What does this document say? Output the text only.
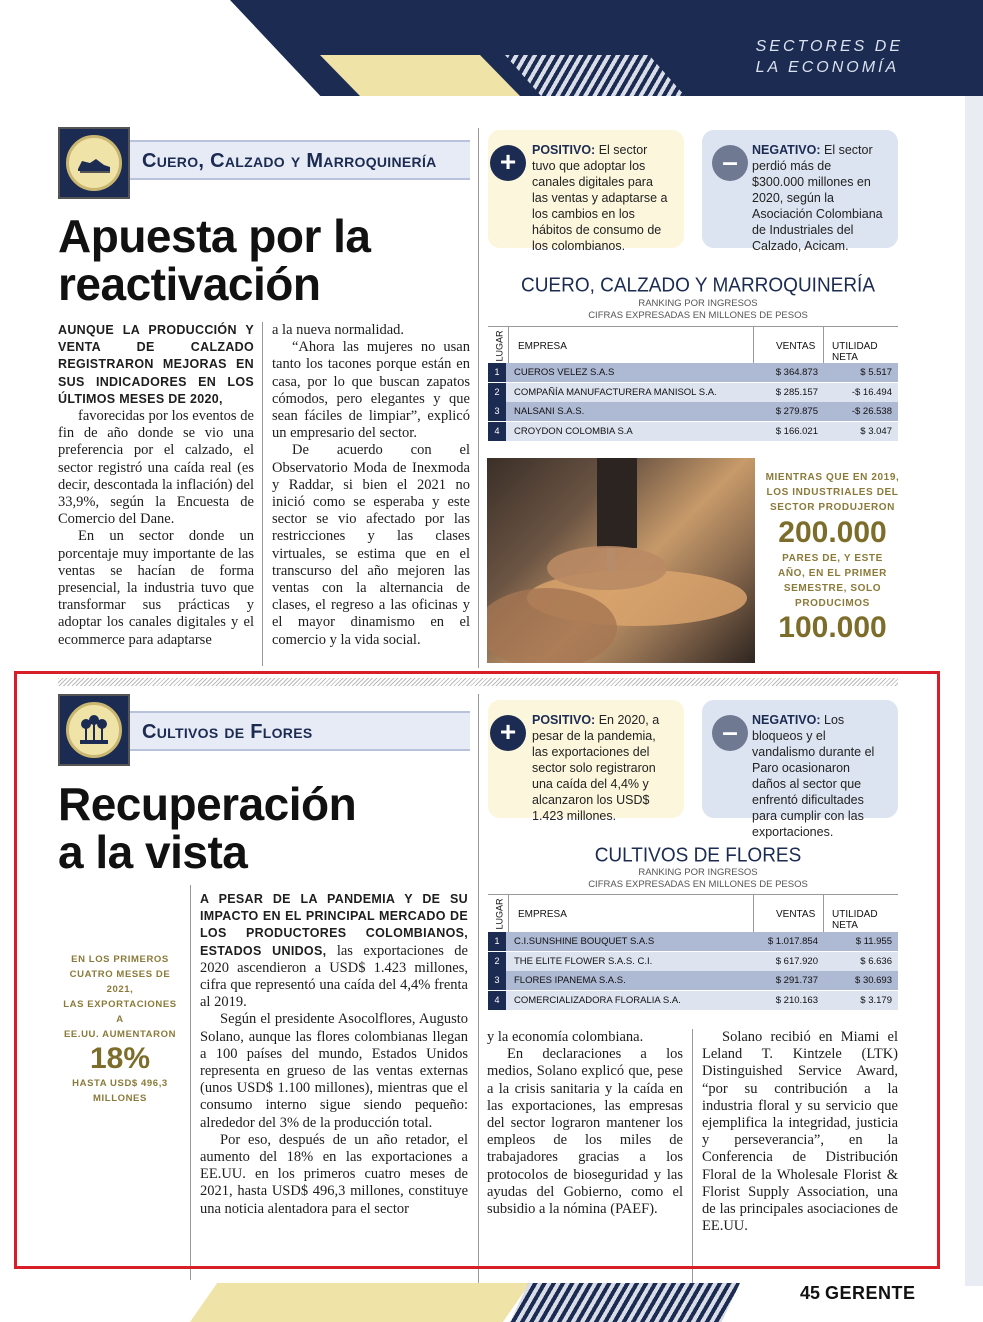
SECTORES DE
LA ECONOMÍA
Cuero, Calzado y Marroquinería
Apuesta por la
reactivación

AUNQUE LA PRODUCCIÓN Y VENTA DE CALZADO REGISTRARON MEJORAS EN SUS INDICADORES EN LOS ÚLTIMOS MESES DE 2020,

favorecidas por los eventos de fin de año donde se vio una preferencia por el calzado, el sector registró una caída real (es decir, descontada la inflación) del 33,9%, según la Encuesta de Comercio del Dane.

En un sector donde un porcentaje muy importante de las ventas se hacían de forma presencial, la industria tuvo que transformar sus prácticas y adoptar los canales digitales y el ecommerce para adaptarse

a la nueva normalidad.

“Ahora las mujeres no usan tanto los tacones porque están en casa, por lo que buscan zapatos cómodos, pero elegantes y que sean fáciles de limpiar”, explicó un empresario del sector.

De acuerdo con el Observatorio Moda de Inexmoda y Raddar, si bien el 2021 no inició como se esperaba y este sector se vio afectado por las restricciones y las clases virtuales, se estima que en el transcurso del año mejoren las ventas con la alternancia de clases, el regreso a las oficinas y el mayor dinamismo en el comercio y la vida social.

POSITIVO: El sector tuvo que adoptar los canales digitales para las ventas y adaptarse a los cambios en los hábitos de consumo de los colombianos.
+	NEGATIVO: El sector perdió más de $300.000 millones en 2020, según la Asociación Colombiana de Industriales del Calzado, Acicam.
–
CUERO, CALZADO Y MARROQUINERÍA
RANKING POR INGRESOS
CIFRAS EXPRESADAS EN MILLONES DE PESOS
LUGAR EMPRESA	VENTAS UTILIDAD NETA
1	CUEROS VELEZ S.A.S	$ 364.873	$ 5.517
2	COMPAÑÍA MANUFACTURERA MANISOL S.A.	$ 285.157	-$ 16.494
3	NALSANI S.A.S.	$ 279.875	-$ 26.538
4	CROYDON COLOMBIA S.A	$ 166.021	$ 3.047
MIENTRAS QUE EN 2019,
LOS INDUSTRIALES DEL
SECTOR PRODUJERON
200.000
PARES DE, Y ESTE
AÑO, EN EL PRIMER
SEMESTRE, SOLO
PRODUCIMOS
100.000
Cultivos de Flores
Recuperación
a la vista
EN LOS PRIMEROS
CUATRO MESES DE 2021,
LAS EXPORTACIONES A
EE.UU. AUMENTARON
18%
HASTA USD$ 496,3
MILLONES

A PESAR DE LA PANDEMIA Y DE SU IMPACTO EN EL PRINCIPAL MERCADO DE LOS PRODUCTORES COLOMBIANOS, ESTADOS UNIDOS, las exportaciones de 2020 ascendieron a USD$ 1.423 millones, cifra que representó una caída del 4,4% frenta al 2019.

Según el presidente Asocolflores, Augusto Solano, aunque las flores colombianas llegan a 100 países del mundo, Estados Unidos representa en grueso de las ventas externas (unos USD$ 1.100 millones), mientras que el consumo interno sigue siendo pequeño: alrededor del 3% de la producción total.

Por eso, después de un año retador, el aumento del 18% en las exportaciones a EE.UU. en los primeros cuatro meses de 2021, hasta USD$ 496,3 millones, constituye una noticia alentadora para el sector

y la economía colombiana.

En declaraciones a los medios, Solano explicó que, pese a la crisis sanitaria y la caída en las exportaciones, las empresas del sector lograron mantener los empleos de los miles de trabajadores gracias a los protocolos de bioseguridad y las ayudas del Gobierno, como el subsidio a la nómina (PAEF).

Solano recibió en Miami el Leland T. Kintzele (LTK) Distinguished Service Award, “por su contribución a la industria floral y su servicio que ejemplifica la integridad, justicia y perseverancia”, en la Conferencia de Distribución Floral de la Wholesale Florist & Florist Supply Association, una de las principales asociaciones de EE.UU.

POSITIVO: En 2020, a pesar de la pandemia, las exportaciones del sector solo registraron una caída del 4,4% y alcanzaron los USD$ 1.423 millones.
+	NEGATIVO: Los bloqueos y el vandalismo durante el Paro ocasionaron daños al sector que enfrentó dificultades para cumplir con las exportaciones.
–
CULTIVOS DE FLORES
RANKING POR INGRESOS
CIFRAS EXPRESADAS EN MILLONES DE PESOS
LUGAR EMPRESA	VENTAS UTILIDAD NETA
1	C.I.SUNSHINE BOUQUET S.A.S	$ 1.017.854	$ 11.955
2	THE ELITE FLOWER S.A.S. C.I.	$ 617.920	$ 6.636
3	FLORES IPANEMA S.A.S.	$ 291.737	$ 30.693
4	COMERCIALIZADORA FLORALIA S.A.	$ 210.163	$ 3.179
45 GERENTE
